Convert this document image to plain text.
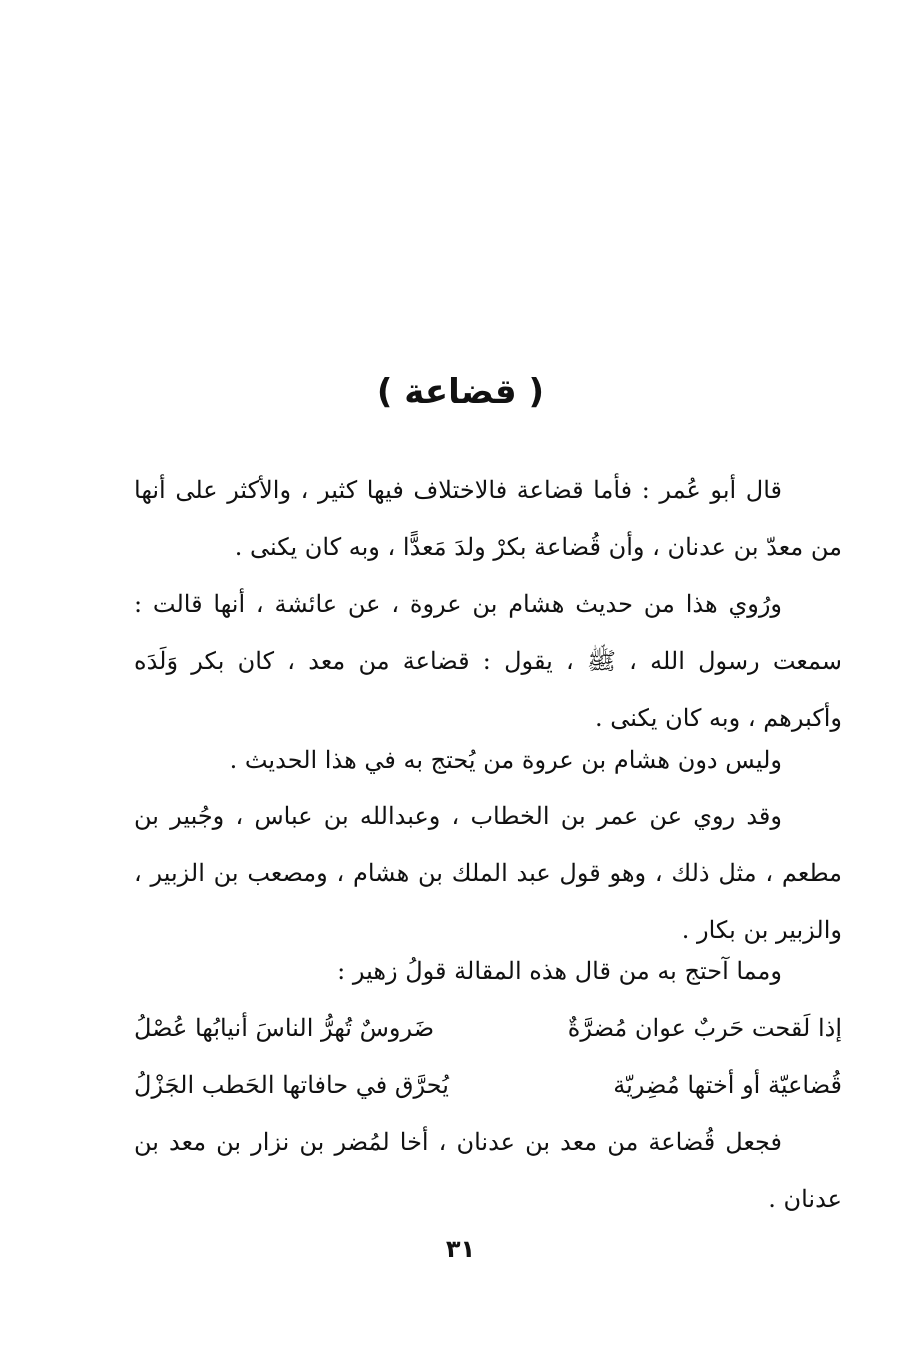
( قضاعة )

قال أبو عُمر : فأما قضاعة فالاختلاف فيها كثير ، والأكثر على أنها من معدّ بن عدنان ، وأن قُضاعة بكرْ ولدَ مَعدًّا ، وبه كان يكنى .

ورُوي هذا من حديث هشام بن عروة ، عن عائشة ، أنها قالت : سمعت رسول الله ، ﷺ ، يقول : قضاعة من معد ، كان بكر وَلَدَه وأكبرهم ، وبه كان يكنى .

وليس دون هشام بن عروة من يُحتج به في هذا الحديث .

وقد روي عن عمر بن الخطاب ، وعبدالله بن عباس ، وجُبير بن مطعم ، مثل ذلك ، وهو قول عبد الملك بن هشام ، ومصعب بن الزبير ، والزبير بن بكار .

ومما آحتج به من قال هذه المقالة قولُ زهير :

إذا لَقحت حَربٌ عوان مُضرَّةٌ
ضَروسٌ تُهرُّ الناسَ أنيابُها عُصْلُ
قُضاعيّة أو أختها مُضِريّة
يُحرَّق في حافاتها الحَطب الجَزْلُ

فجعل قُضاعة من معد بن عدنان ، أخا لمُضر بن نزار بن معد بن عدنان .

٣١
